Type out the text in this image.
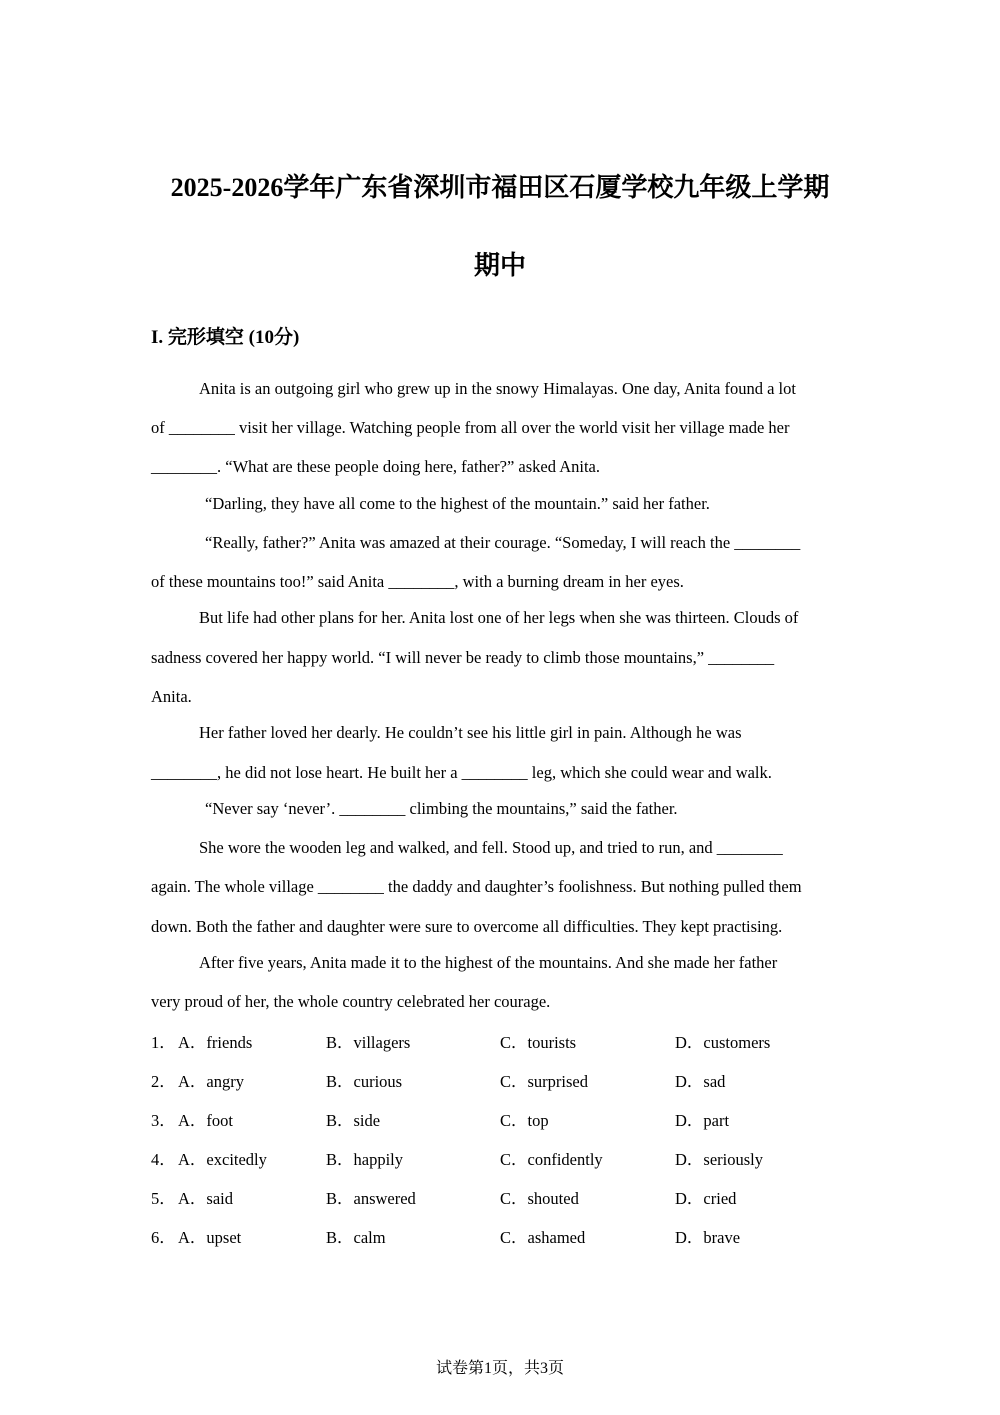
2025-2026学年广东省深圳市福田区石厦学校九年级上学期
期中
I. 完形填空 (10分)

Anita is an outgoing girl who grew up in the snowy Himalayas. One day, Anita found a lot

of ________ visit her village. Watching people from all over the world visit her village made her

________. “What are these people doing here, father?” asked Anita.

“Darling, they have all come to the highest of the mountain.” said her father.

“Really, father?” Anita was amazed at their courage. “Someday, I will reach the ________

of these mountains too!” said Anita ________, with a burning dream in her eyes.

But life had other plans for her. Anita lost one of her legs when she was thirteen. Clouds of

sadness covered her happy world. “I will never be ready to climb those mountains,” ________

Anita.

Her father loved her dearly. He couldn’t see his little girl in pain. Although he was

________, he did not lose heart. He built her a ________ leg, which she could wear and walk.

“Never say ‘never’. ________ climbing the mountains,” said the father.

She wore the wooden leg and walked, and fell. Stood up, and tried to run, and ________

again. The whole village ________ the daddy and daughter’s foolishness. But nothing pulled them

down. Both the father and daughter were sure to overcome all difficulties. They kept practising.

After five years, Anita made it to the highest of the mountains. And she made her father

very proud of her, the whole country celebrated her courage.

1． A．friends	B．villagers	C．tourists	D．customers
2． A．angry	B．curious	C．surprised	D．sad
3． A．foot	B．side	C．top	D．part
4． A．excitedly	B．happily	C．confidently	D．seriously
5． A．said	B．answered	C．shouted	D．cried
6． A．upset	B．calm	C．ashamed	D．brave

试卷第1页，共3页
